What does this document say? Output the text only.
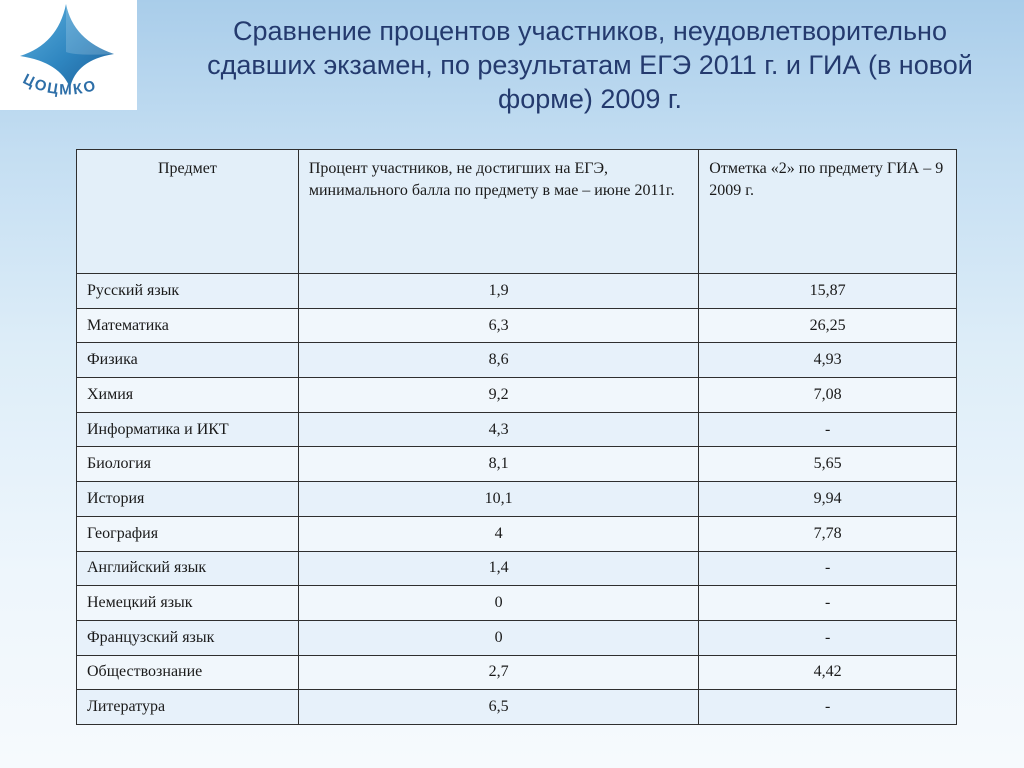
ЦОЦМКО
Сравнение процентов участников, неудовлетворительно сдавших экзамен, по результатам ЕГЭ 2011 г. и ГИА (в новой форме) 2009 г.
Предмет	Процент участников, не достигших на ЕГЭ, минимального балла по предмету в мае – июне 2011г.	Отметка «2» по предмету ГИА – 9 2009 г.
Русский язык	1,9	15,87
Математика	6,3	26,25
Физика	8,6	4,93
Химия	9,2	7,08
Информатика и ИКТ	4,3	-
Биология	8,1	5,65
История	10,1	9,94
География	4	7,78
Английский язык	1,4	-
Немецкий язык	0	-
Французский язык	0	-
Обществознание	2,7	4,42
Литература	6,5	-
